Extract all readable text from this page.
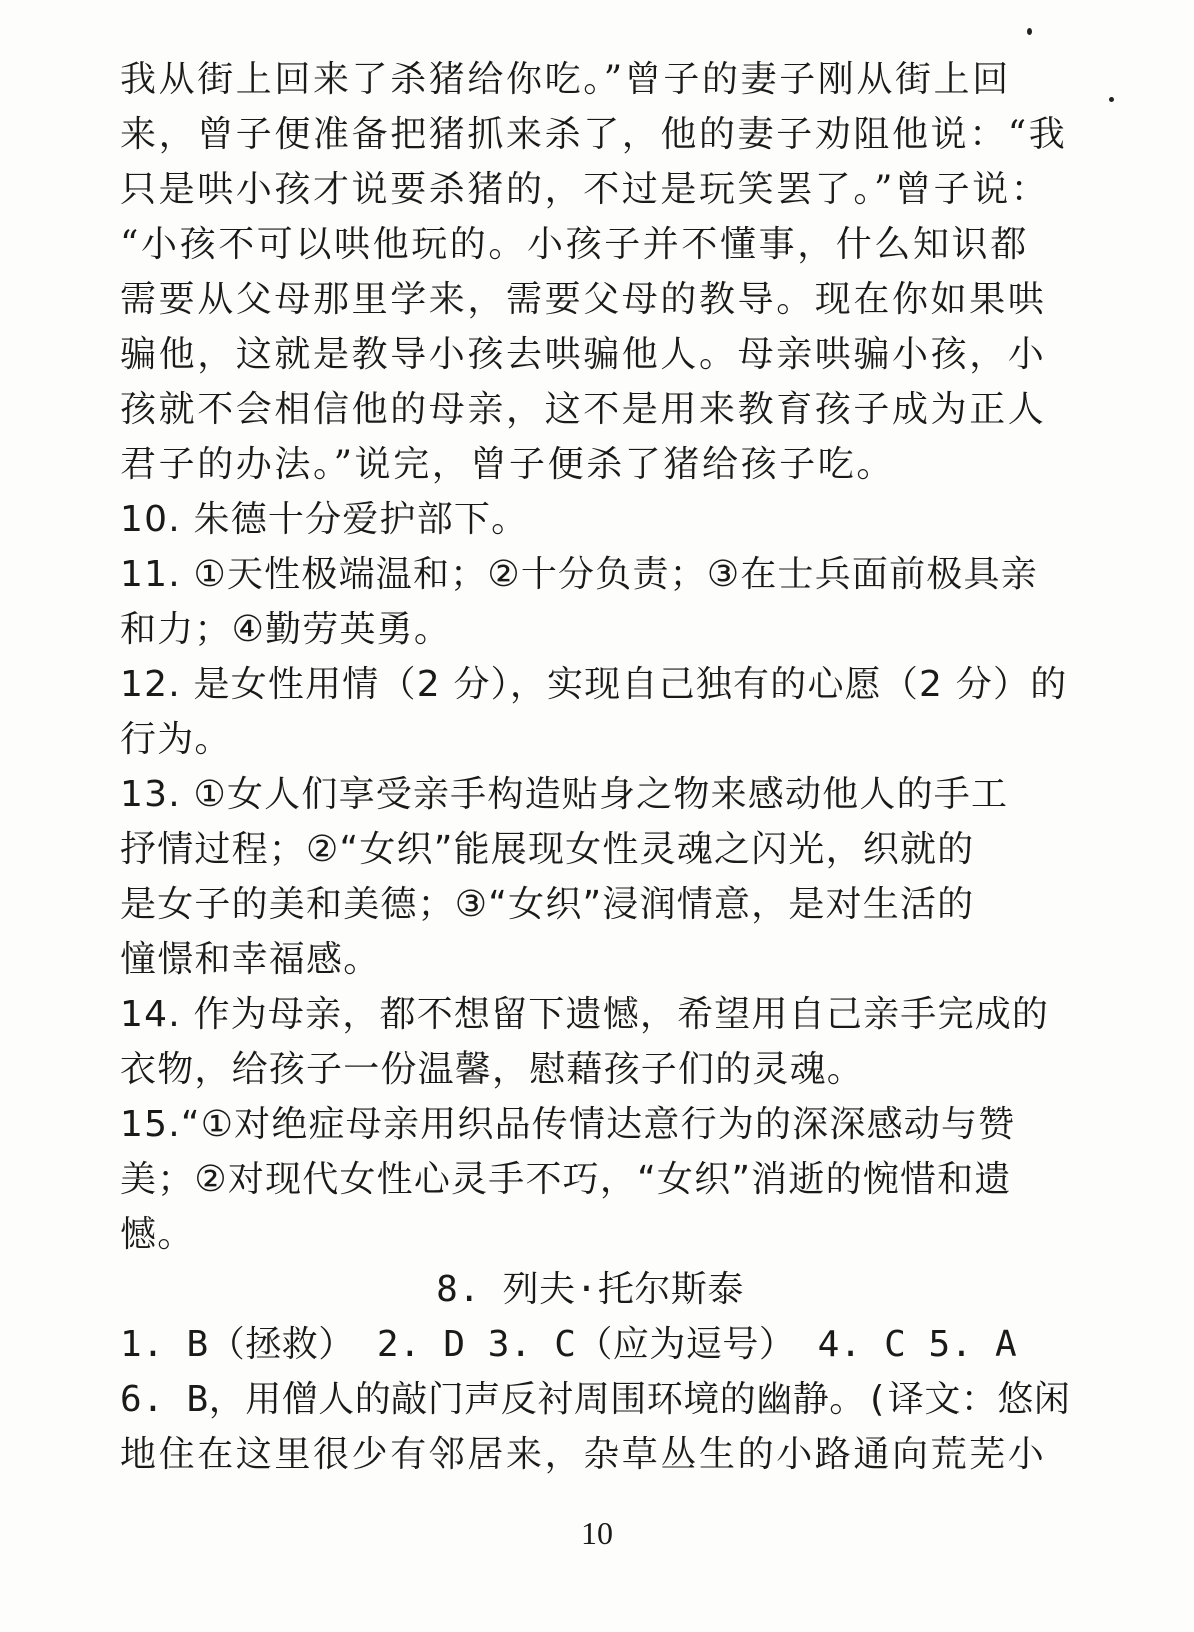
我从街上回来了杀猪给你吃。”曾子的妻子刚从街上回
来，曾子便准备把猪抓来杀了，他的妻子劝阻他说：“我
只是哄小孩才说要杀猪的，不过是玩笑罢了。”曾子说：
“小孩不可以哄他玩的。小孩子并不懂事，什么知识都
需要从父母那里学来，需要父母的教导。现在你如果哄
骗他，这就是教导小孩去哄骗他人。母亲哄骗小孩，小
孩就不会相信他的母亲，这不是用来教育孩子成为正人
君子的办法。”说完，曾子便杀了猪给孩子吃。
10. 朱德十分爱护部下。
11. ①天性极端温和；②十分负责；③在士兵面前极具亲
和力；④勤劳英勇。
12. 是女性用情（2 分），实现自己独有的心愿（2 分）的
行为。
13. ①女人们享受亲手构造贴身之物来感动他人的手工
抒情过程；②“女织”能展现女性灵魂之闪光，织就的
是女子的美和美德；③“女织”浸润情意，是对生活的
憧憬和幸福感。
14. 作为母亲，都不想留下遗憾，希望用自己亲手完成的
衣物，给孩子一份温馨，慰藉孩子们的灵魂。
15.“①对绝症母亲用织品传情达意行为的深深感动与赞
美；②对现代女性心灵手不巧，“女织”消逝的惋惜和遗
憾。
8. 列夫·托尔斯泰
1. B（拯救） 2. D 3. C（应为逗号） 4. C 5. A
6. B，用僧人的敲门声反衬周围环境的幽静。(译文：悠闲
地住在这里很少有邻居来，杂草丛生的小路通向荒芜小
10
